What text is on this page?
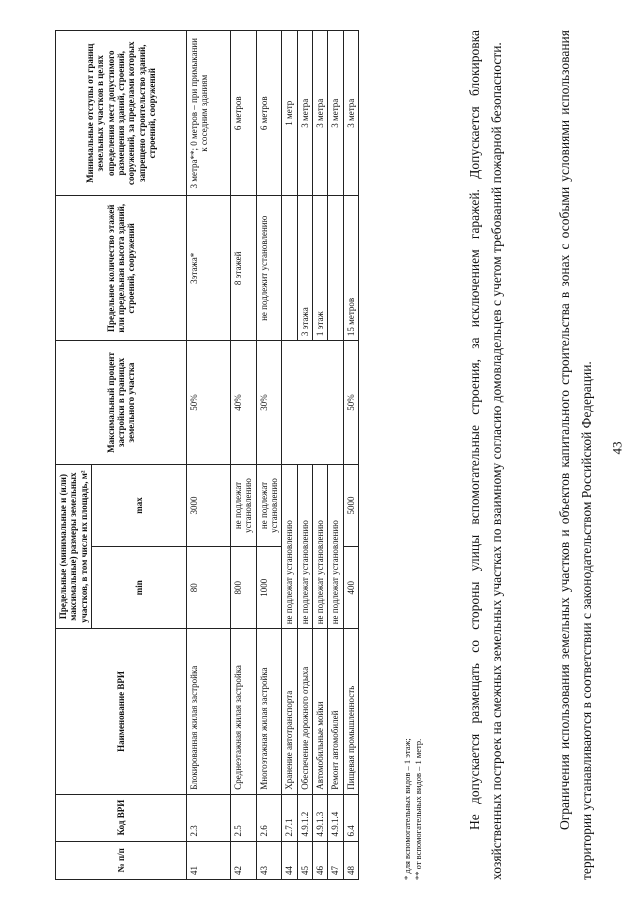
43
№ п/п	Код ВРИ	Наименование ВРИ	Предельные (минимальные и (или) максимальные) размеры земельных участков, в том числе их площадь, м²		Максимальный процент застройки в границах земельного участка	Предельное количество этажей или предельная высота зданий, строений, сооружений	Минимальные отступы от границ земельных участков в целях определения мест допустимого размещения зданий, строений, сооружений, за пределами которых запрещено строительство зданий, строений, сооружений
			min	max			
41	2.3	Блокированная жилая застройка	80	3000	50%	3этажа*	3 метра**; 0 метров – при примыкании к соседним зданиям
42	2.5	Среднеэтажная жилая застройка	800	не подлежат установлению	40%	8 этажей	6 метров
43	2.6	Многоэтажная жилая застройка	1000	не подлежат установлению	30%	не подлежит установлению	6 метров
44	2.7.1	Хранение автотранспорта	не подлежат установлению				1 метр
45	4.9.1.2	Обеспечение дорожного отдыха	не подлежат установлению			3 этажа	3 метра
46	4.9.1.3	Автомобильные мойки	не подлежат установлению			1 этаж	3 метра
47	4.9.1.4	Ремонт автомобилей	не подлежат установлению				3 метра
48	6.4	Пищевая промышленность	400	5000	50%	15 метров	3 метра
* для вспомогательных видов – 1 этаж; ** от вспомогательных видов – 1 метр.	Не допускается размещать со стороны улицы вспомогательные строения, за исключением гаражей. Допускается блокировка хозяйственных построек на смежных земельных участках по взаимному согласию домовладельцев с учетом требований пожарной безопасности.	Ограничения использования земельных участков и объектов капитального строительства в зонах с особыми условиями использования территории устанавливаются в соответствии с законодательством Российской Федерации.
